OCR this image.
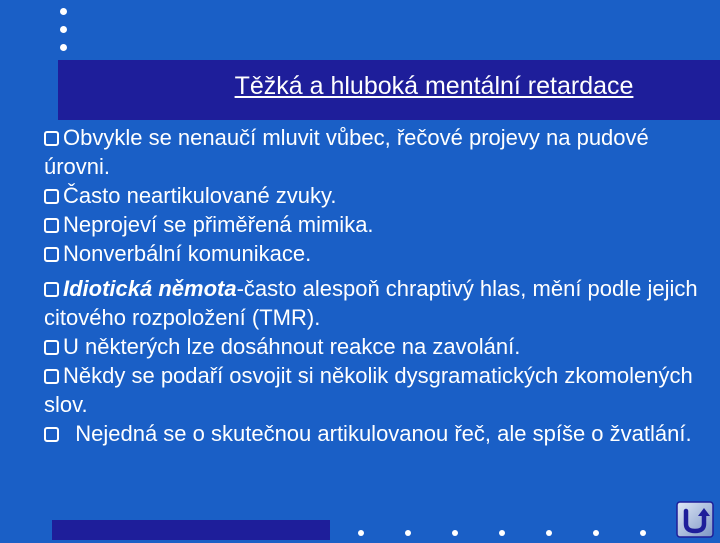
Těžká a hluboká mentální retardace

Obvykle se nenaučí mluvit vůbec, řečové projevy na pudové úrovni.

Často neartikulované zvuky.

Neprojeví se přiměřená mimika.

Nonverbální komunikace.

Idiotická němota-často alespoň chraptivý hlas, mění podle jejich citového rozpoložení (TMR).

U některých lze dosáhnout reakce na zavolání.

Někdy se podaří osvojit si několik dysgramatických zkomolených slov.

Nejedná se o skutečnou artikulovanou řeč, ale spíše o žvatlání.
